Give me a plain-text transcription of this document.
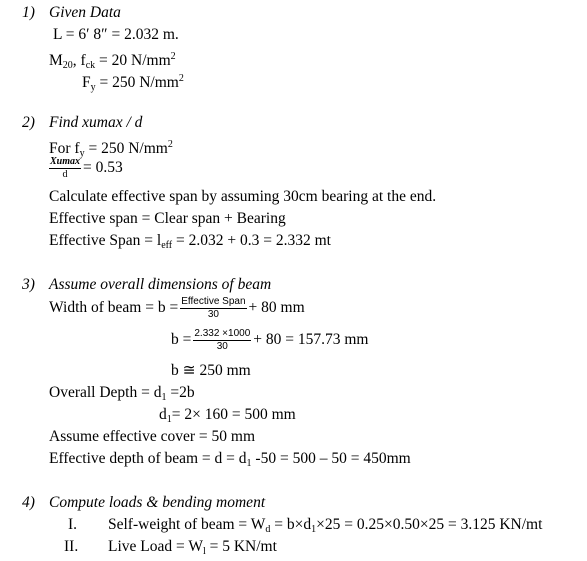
1) Given Data
L = 6′ 8″ = 2.032 m.
$M_{20}$, $f_{ck} = 20$ $N/mm^2$
$F_y = 250$ $N/mm^2$
2) Find xumax / d
For $f_y = 250$ $N/mm^2$
$\frac{Xumax}{d} = 0.53$
Calculate effective span by assuming 30cm bearing at the end.
Effective span = Clear span + Bearing
Effective Span = $l_{eff} = 2.032 + 0.3 = 2.332$ mt
3) Assume overall dimensions of beam
Width of beam = $b = \frac{\text{Effective Span}}{30} + 80$ mm
$b = \frac{2.332 \times 1000}{30} + 80 = 157.73$ mm
b ≅ 250 mm
Overall Depth = $d_1 =2b$
$d_1= 2\times 160 = 500$ mm
Assume effective cover = 50 mm
Effective depth of beam = $d = d_1$ -50 = 500 – 50 = 450mm
4) Compute loads & bending moment
I. Self-weight of beam = $W_d = b\times d_1\times 25 = 0.25\times 0.50\times 25 = 3.125$ KN/mt
II. Live Load = $W_l = 5$ KN/mt
